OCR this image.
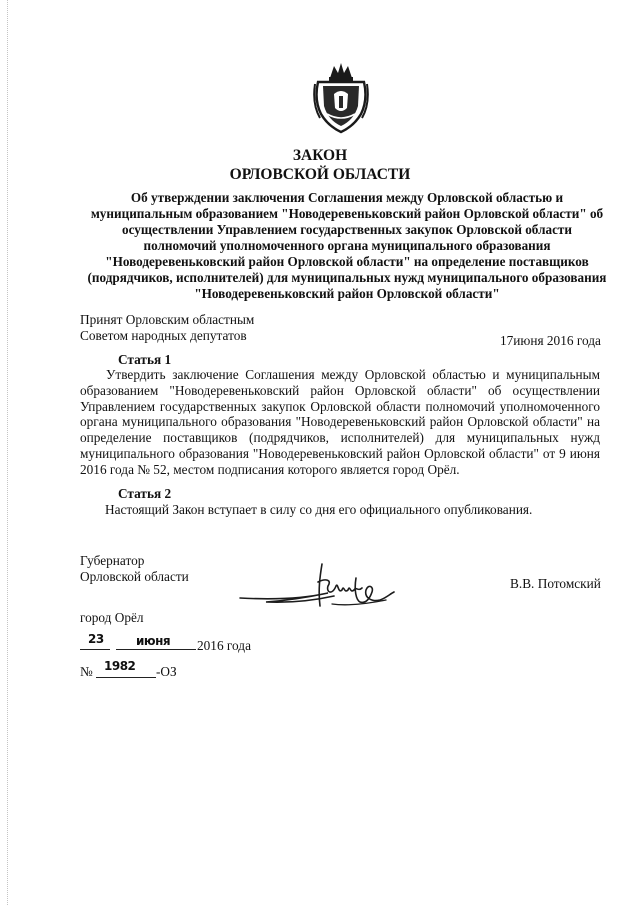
ЗАКОН
ОРЛОВСКОЙ ОБЛАСТИ
Об утверждении заключения Соглашения между Орловской областью и
муниципальным образованием "Новодеревеньковский район Орловской области" об
осуществлении Управлением государственных закупок Орловской области
полномочий уполномоченного органа муниципального образования
"Новодеревеньковский район Орловской области" на определение поставщиков
(подрядчиков, исполнителей) для муниципальных нужд муниципального образования
"Новодеревеньковский район Орловской области"
Принят Орловским областным
Советом народных депутатов	17июня 2016 года
Статья 1
Утвердить заключение Соглашения между Орловской областью и муниципальным
образованием "Новодеревеньковский район Орловской области" об осуществлении
Управлением государственных закупок Орловской области полномочий уполномоченного
органа муниципального образования "Новодеревеньковский район Орловской области" на
определение поставщиков (подрядчиков, исполнителей) для муниципальных нужд
муниципального образования "Новодеревеньковский район Орловской области" от 9 июня
2016 года № 52, местом подписания которого является город Орёл.
Статья 2
Настоящий Закон вступает в силу со дня его официального опубликования.
Губернатор
Орловской области	В.В. Потомский
город Орёл
23	июня 2016 года
№ 1982 -ОЗ
